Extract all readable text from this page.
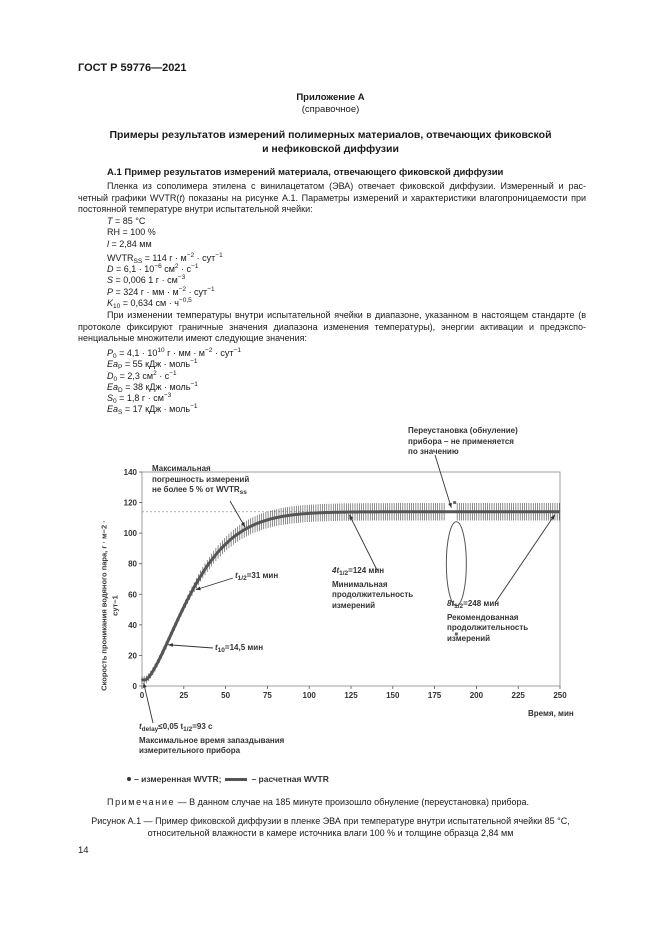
ГОСТ Р 59776—2021
Приложение А
(справочное)
Примеры результатов измерений полимерных материалов, отвечающих фиковской
и нефиковской диффузии
А.1 Пример результатов измерений материала, отвечающего фиковской диффузии
Пленка из сополимера этилена с винилацетатом (ЭВА) отвечает фиковской диффузии. Измеренный и рас-четный графики WVTR(t) показаны на рисунке А.1. Параметры измерений и характеристики влагопроницаемости при постоянной температуре внутри испытательной ячейки:
T = 85 °C
RH = 100 %
l = 2,84 мм
$WVTR_{SS} = 114$ $г \cdot м^{-2} \cdot сут^{-1}$
$D = 6,1 \cdot 10^{-6}$ $см^2 \cdot с^{-1}$
S = 0,006 1 $г \cdot см^{-3}$
P = 324 г · мм · $м^{-2} \cdot сут^{-1}$
$K_{10} = 0,634$ см · $ч^{-0,5}$
При изменении температуры внутри испытательной ячейки в диапазоне, указанном в настоящем стандарте (в протоколе фиксируют граничные значения диапазона изменения температуры), энергии активации и предэкспо-ненциальные множители имеют следующие значения:
$P_0 = 4,1 \cdot 10^{10}$ г · мм · $м^{-2} \cdot сут^{-1}$
$Ea_P = 55$ кДж · моль$^{-1}$
$D_0 = 2,3$ $см^2 \cdot с^{-1}$
$Ea_D = 38$ кДж · моль$^{-1}$
$S_0 = 1,8$ $г \cdot см^{-3}$
$Ea_S = 17$ кДж · моль$^{-1}$
0
20
40
60
80
100
120
140
0	25	50	75	100	125	150	175	200	225	250
Скорость проникания водяного пара, г · м−2 · сут−1
Время, мин
Максимальная
погрешность измерений
не более 5 % от $WVTR_{ss}$
Переустановка (обнуление)
прибора – не применяется
по значению
$t_{1/2}=31$ мин
$t_{10}=14,5$ мин
$4t_{1/2}=124$ мин
Минимальная
продолжительность
измерений	$8t_{1/2}=248$ мин
Рекомендованная
продолжительность
измерений
$t_{delay}\le 0,05$ $t_{1/2}=93$ с
Максимальное время запаздывания
измерительного прибора
– измеренная WVTR;	– расчетная WVTR
Примечание — В данном случае на 185 минуте произошло обнуление (переустановка) прибора.
Рисунок А.1 — Пример фиковской диффузии в пленке ЭВА при температуре внутри испытательной ячейки 85 °С,
относительной влажности в камере источника влаги 100 % и толщине образца 2,84 мм
14
